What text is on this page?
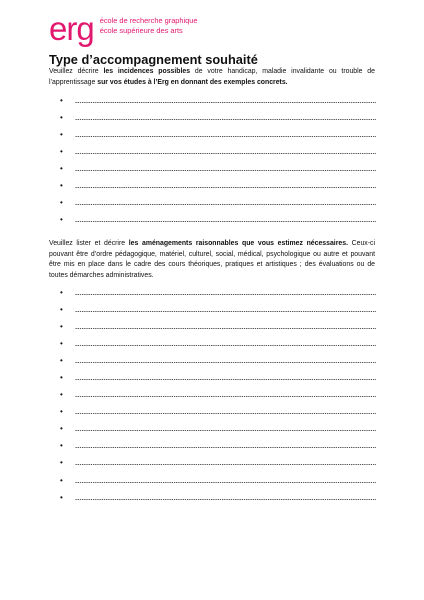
erg école de recherche graphique
école supérieure des arts
Type d’accompagnement souhaité
Veuillez décrire les incidences possibles de votre handicap, maladie invalidante ou trouble de l’apprentissage sur vos études à l’Erg en donnant des exemples concrets.
•
•
•
•
•
•
•
•
Veuillez lister et décrire les aménagements raisonnables que vous estimez nécessaires. Ceux-ci pouvant être d’ordre pédagogique, matériel, culturel, social, médical, psychologique ou autre et pouvant être mis en place dans le cadre des cours théoriques, pratiques et artistiques ; des évaluations ou de toutes démarches administratives.
•
•
•
•
•
•
•
•
•
•
•
•
•
